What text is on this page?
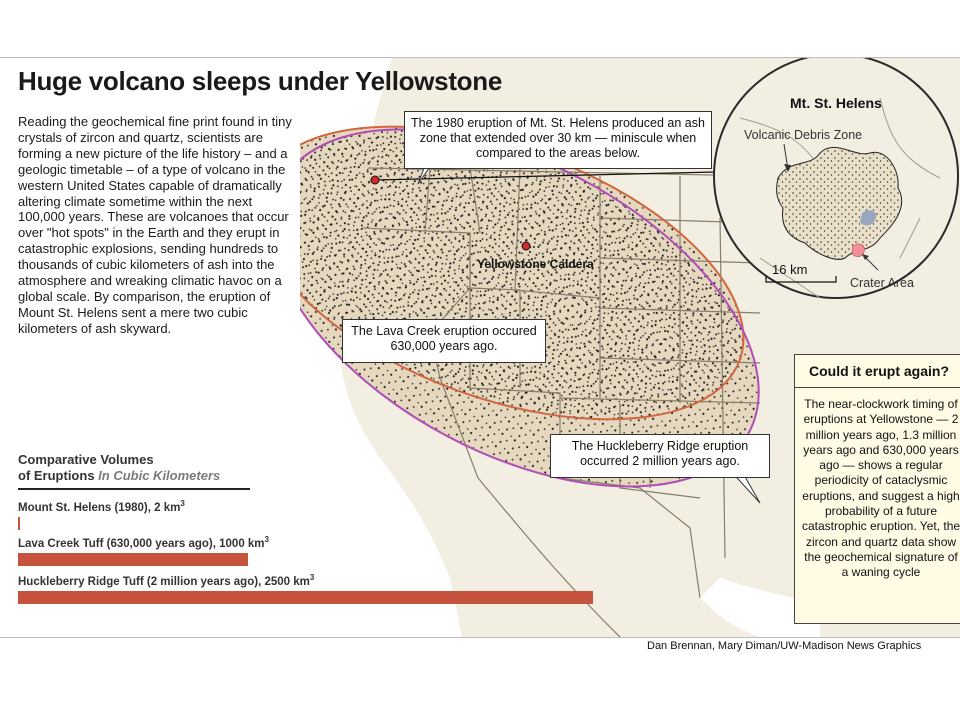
Huge volcano sleeps under Yellowstone

Reading the geochemical fine print found in tiny crystals of zircon and quartz, scientists are forming a new picture of the life history – and a geologic timetable – of a type of volcano in the western United States capable of dramatically altering climate sometime within the next 100,000 years. These are volcanoes that occur over "hot spots" in the Earth and they erupt in catastrophic explosions, sending hundreds to thousands of cubic kilometers of ash into the atmosphere and wreaking climatic havoc on a global scale. By comparison, the eruption of Mount St. Helens sent a mere two cubic kilometers of ash skyward.

Comparative Volumes
of Eruptions In Cubic Kilometers
Mount St. Helens (1980), 2 $km^3$
Lava Creek Tuff (630,000 years ago), 1000 $km^3$
Huckleberry Ridge Tuff (2 million years ago), 2500 $km^3$
The 1980 eruption of Mt. St. Helens produced an ash zone that extended over 30 km — miniscule when compared to the areas below.
The Lava Creek eruption occured 630,000 years ago.
The Huckleberry Ridge eruption occurred 2 million years ago.
Yellowstone Caldera
Mt. St. Helens
Volcanic Debris Zone
16 km
Crater Area
Could it erupt again?

The near-clockwork timing of eruptions at Yellowstone — 2 million years ago, 1.3 million years ago and 630,000 years ago — shows a regular periodicity of cataclysmic eruptions, and suggest a high probability of a future catastrophic eruption. Yet, the zircon and quartz data show the geochemical signature of a waning cycle

Dan Brennan, Mary Diman/UW-Madison News Graphics
